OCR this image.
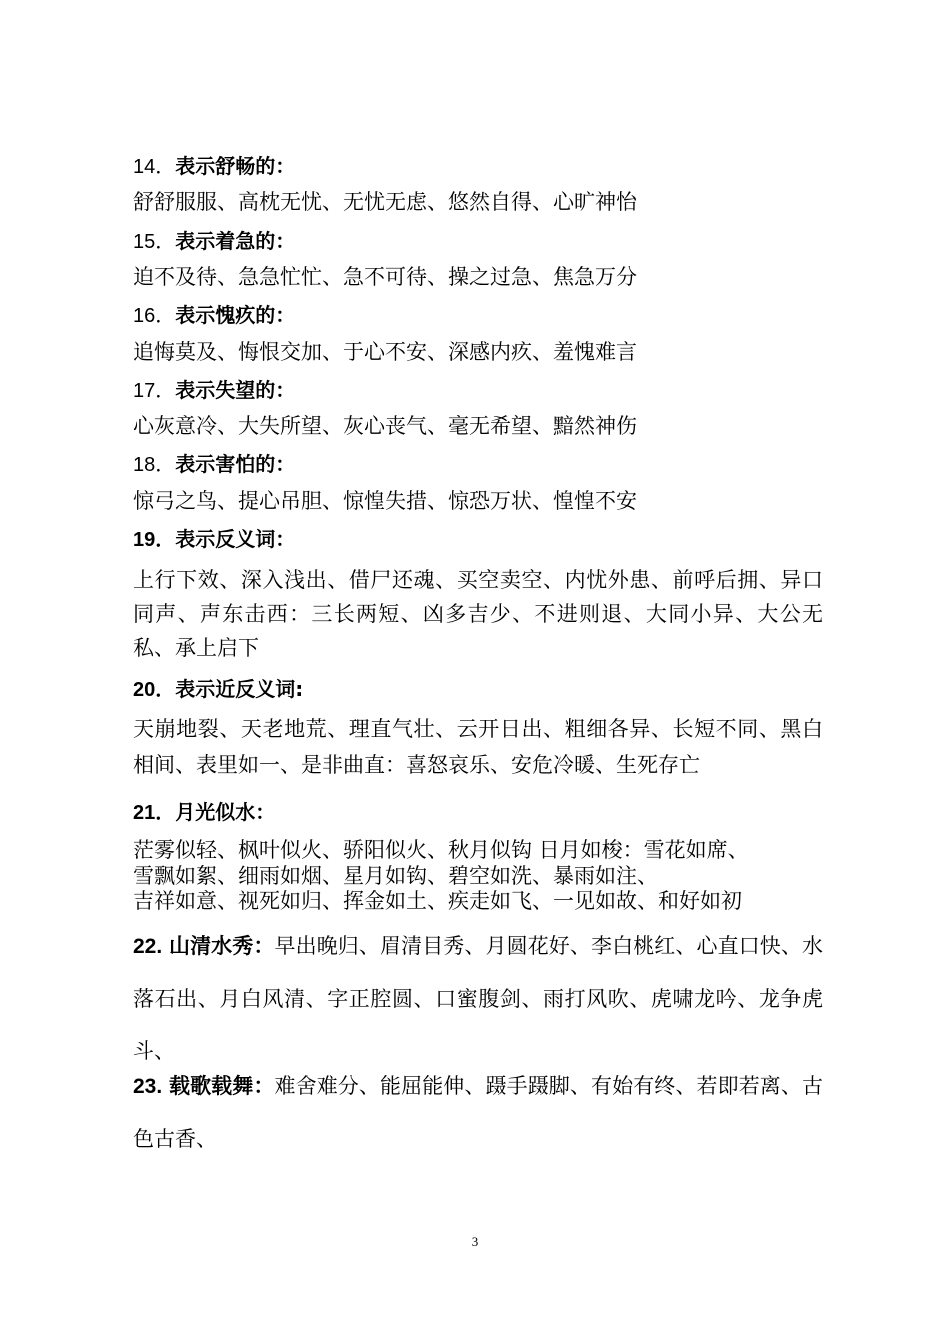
14．表示舒畅的：
舒舒服服、高枕无忧、无忧无虑、悠然自得、心旷神怡
15．表示着急的：
迫不及待、急急忙忙、急不可待、操之过急、焦急万分
16．表示愧疚的：
追悔莫及、悔恨交加、于心不安、深感内疚、羞愧难言
17．表示失望的：
心灰意冷、大失所望、灰心丧气、毫无希望、黯然神伤
18．表示害怕的：
惊弓之鸟、提心吊胆、惊惶失措、惊恐万状、惶惶不安
19．表示反义词：
上行下效、深入浅出、借尸还魂、买空卖空、内忧外患、前呼后拥、异口同声、声东击西：三长两短、凶多吉少、不进则退、大同小异、大公无私、承上启下
20．表示近反义词:
天崩地裂、天老地荒、理直气壮、云开日出、粗细各异、长短不同、黑白相间、表里如一、是非曲直：喜怒哀乐、安危冷暖、生死存亡
21．月光似水：
茫雾似轻、枫叶似火、骄阳似火、秋月似钩 日月如梭：雪花如席、
雪飘如絮、细雨如烟、星月如钩、碧空如洗、暴雨如注、
吉祥如意、视死如归、挥金如土、疾走如飞、一见如故、和好如初
22. 山清水秀：早出晚归、眉清目秀、月圆花好、李白桃红、心直口快、水落石出、月白风清、字正腔圆、口蜜腹剑、雨打风吹、虎啸龙吟、龙争虎斗、
23. 载歌载舞：难舍难分、能屈能伸、蹑手蹑脚、有始有终、若即若离、古色古香、
3
